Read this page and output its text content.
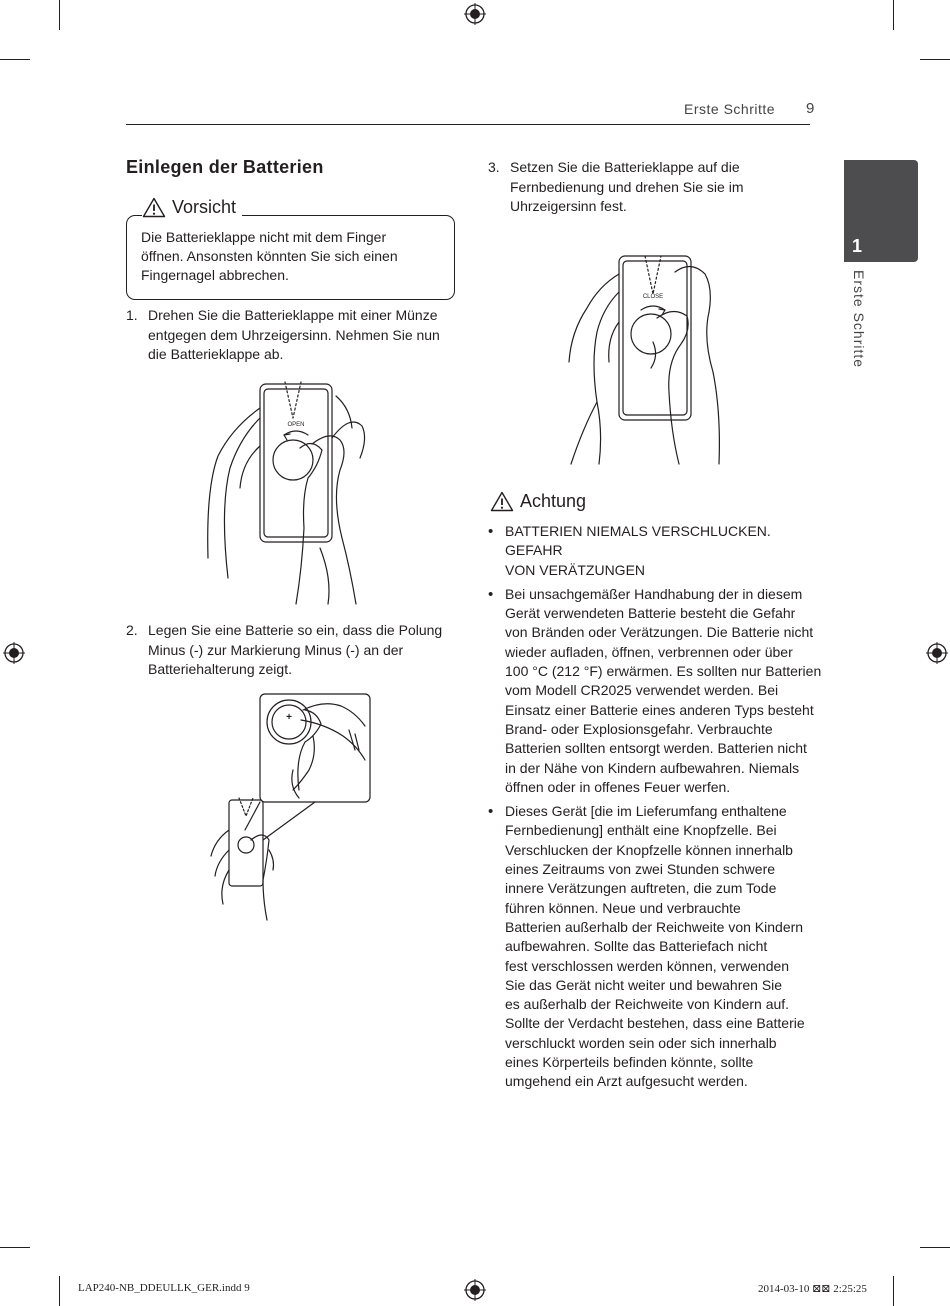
Erste Schritte 9
1
Erste Schritte
Einlegen der Batterien
Vorsicht
Die Batterieklappe nicht mit dem Finger
öffnen. Ansonsten könnten Sie sich einen
Fingernagel abbrechen.
1. Drehen Sie die Batterieklappe mit einer Münze
entgegen dem Uhrzeigersinn. Nehmen Sie nun
die Batterieklappe ab.
OPEN
2. Legen Sie eine Batterie so ein, dass die Polung
Minus (-) zur Markierung Minus (-) an der
Batteriehalterung zeigt.
+
3. Setzen Sie die Batterieklappe auf die
Fernbedienung und drehen Sie sie im
Uhrzeigersinn fest.
CLOSE
Achtung
• BATTERIEN NIEMALS VERSCHLUCKEN. GEFAHR
VON VERÄTZUNGEN
• Bei unsachgemäßer Handhabung der in diesem
Gerät verwendeten Batterie besteht die Gefahr
von Bränden oder Verätzungen. Die Batterie nicht
wieder aufladen, öffnen, verbrennen oder über
100 °C (212 °F) erwärmen. Es sollten nur Batterien
vom Modell CR2025 verwendet werden. Bei
Einsatz einer Batterie eines anderen Typs besteht
Brand- oder Explosionsgefahr. Verbrauchte
Batterien sollten entsorgt werden. Batterien nicht
in der Nähe von Kindern aufbewahren. Niemals
öffnen oder in offenes Feuer werfen.
• Dieses Gerät [die im Lieferumfang enthaltene
Fernbedienung] enthält eine Knopfzelle. Bei
Verschlucken der Knopfzelle können innerhalb
eines Zeitraums von zwei Stunden schwere
innere Verätzungen auftreten, die zum Tode
führen können. Neue und verbrauchte
Batterien außerhalb der Reichweite von Kindern
aufbewahren. Sollte das Batteriefach nicht
fest verschlossen werden können, verwenden
Sie das Gerät nicht weiter und bewahren Sie
es außerhalb der Reichweite von Kindern auf.
Sollte der Verdacht bestehen, dass eine Batterie
verschluckt worden sein oder sich innerhalb
eines Körperteils befinden könnte, sollte
umgehend ein Arzt aufgesucht werden.
LAP240-NB_DDEULLK_GER.indd 9	2014-03-10 ⊠⊠ 2:25:25
